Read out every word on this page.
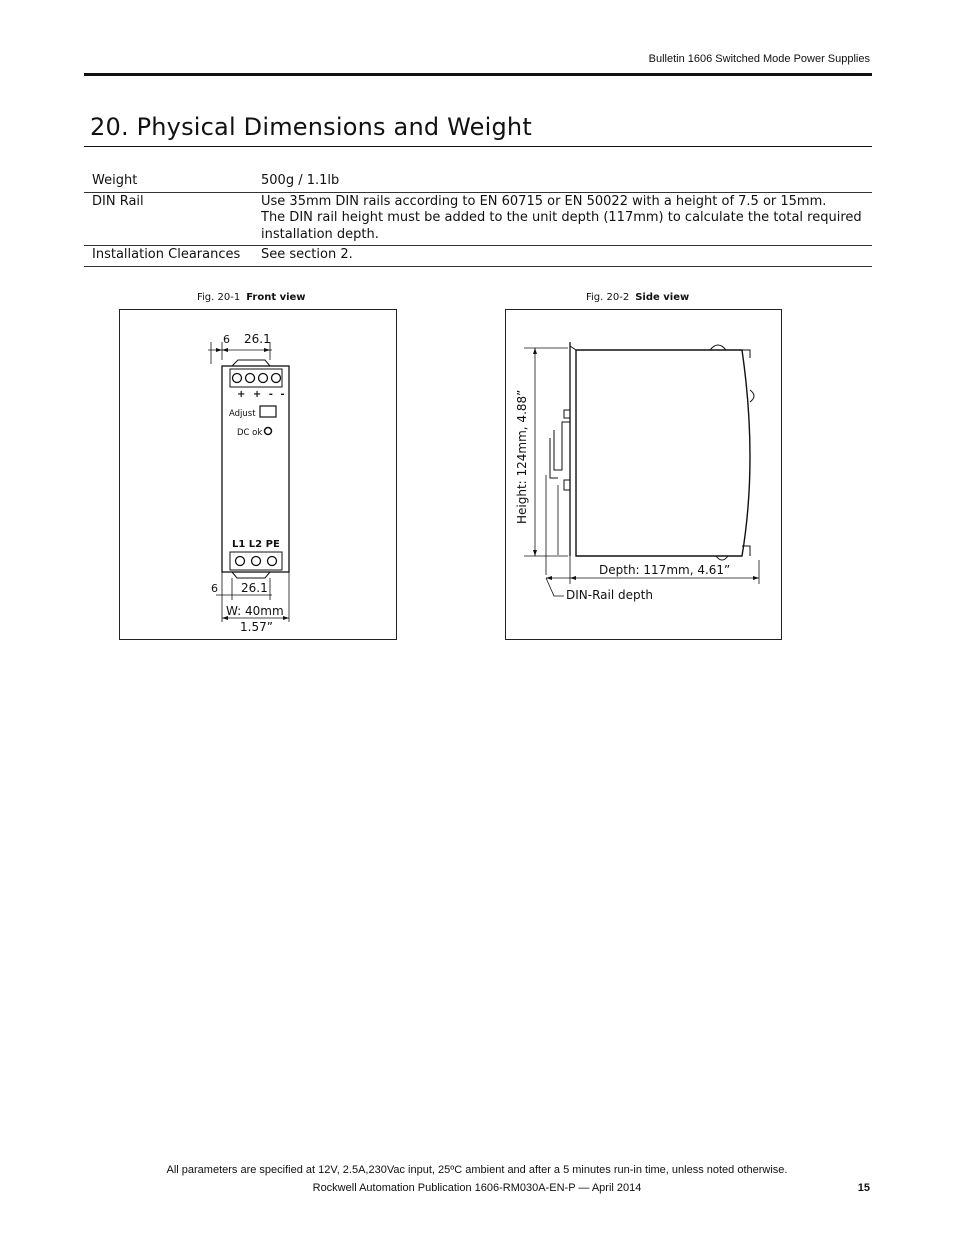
Bulletin 1606 Switched Mode Power Supplies
20. Physical Dimensions and Weight
Weight	500g / 1.1lb

DIN Rail	Use 35mm DIN rails according to EN 60715 or EN 50022 with a height of 7.5 or 15mm.
The DIN rail height must be added to the unit depth (117mm) to calculate the total required installation depth.

Installation Clearances	See section 2.
Fig. 20-1 Front view
6 26.1
+ + - -
Adjust
DC ok
L1 L2 PE
6 26.1
W: 40mm
1.57”
Fig. 20-2 Side view
Height: 124mm, 4.88”
Depth: 117mm, 4.61”
DIN-Rail depth
All parameters are specified at 12V, 2.5A,230Vac input, 25ºC ambient and after a 5 minutes run-in time, unless noted otherwise.
Rockwell Automation Publication 1606-RM030A-EN-P — April 2014	15
